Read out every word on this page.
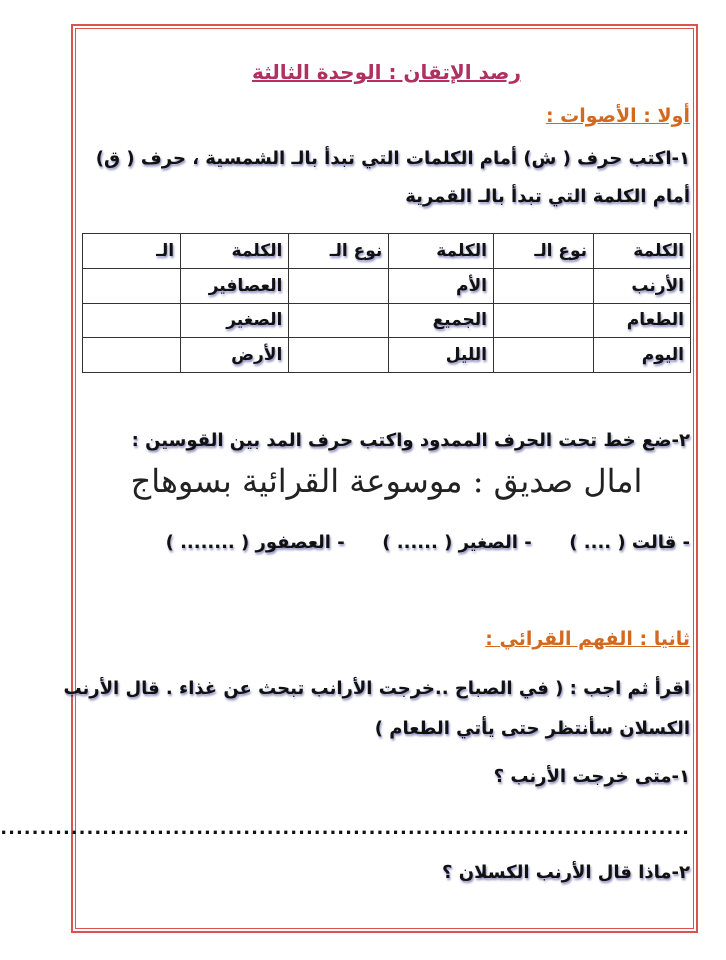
رصد الإتقان : الوحدة الثالثة
أولا : الأصوات :
١-اكتب حرف ( ش) أمام الكلمات التي تبدأ بالـ الشمسية ، حرف ( ق)
أمام الكلمة التي تبدأ بالـ القمرية
الكلمة	نوع الـ	الكلمة	نوع الـ	الكلمة	الـ
الأرنب		الأم		العصافير	
الطعام		الجميع		الصغير	
اليوم		الليل		الأرض	
٢-ضع خط تحت الحرف الممدود واكتب حرف المد بين القوسين :
امال صديق : موسوعة القرائية بسوهاج
- قالت ( .... )      - الصغير ( ...... )      - العصفور ( ........ )
ثانيا : الفهم القرائي :
اقرأ ثم اجب : ( في الصباح ..خرجت الأرانب تبحث عن غذاء . قال الأرنب
الكسلان سأنتظر حتى يأتي الطعام )
١-متى خرجت الأرنب ؟
........................................................................................
٢-ماذا قال الأرنب الكسلان ؟
